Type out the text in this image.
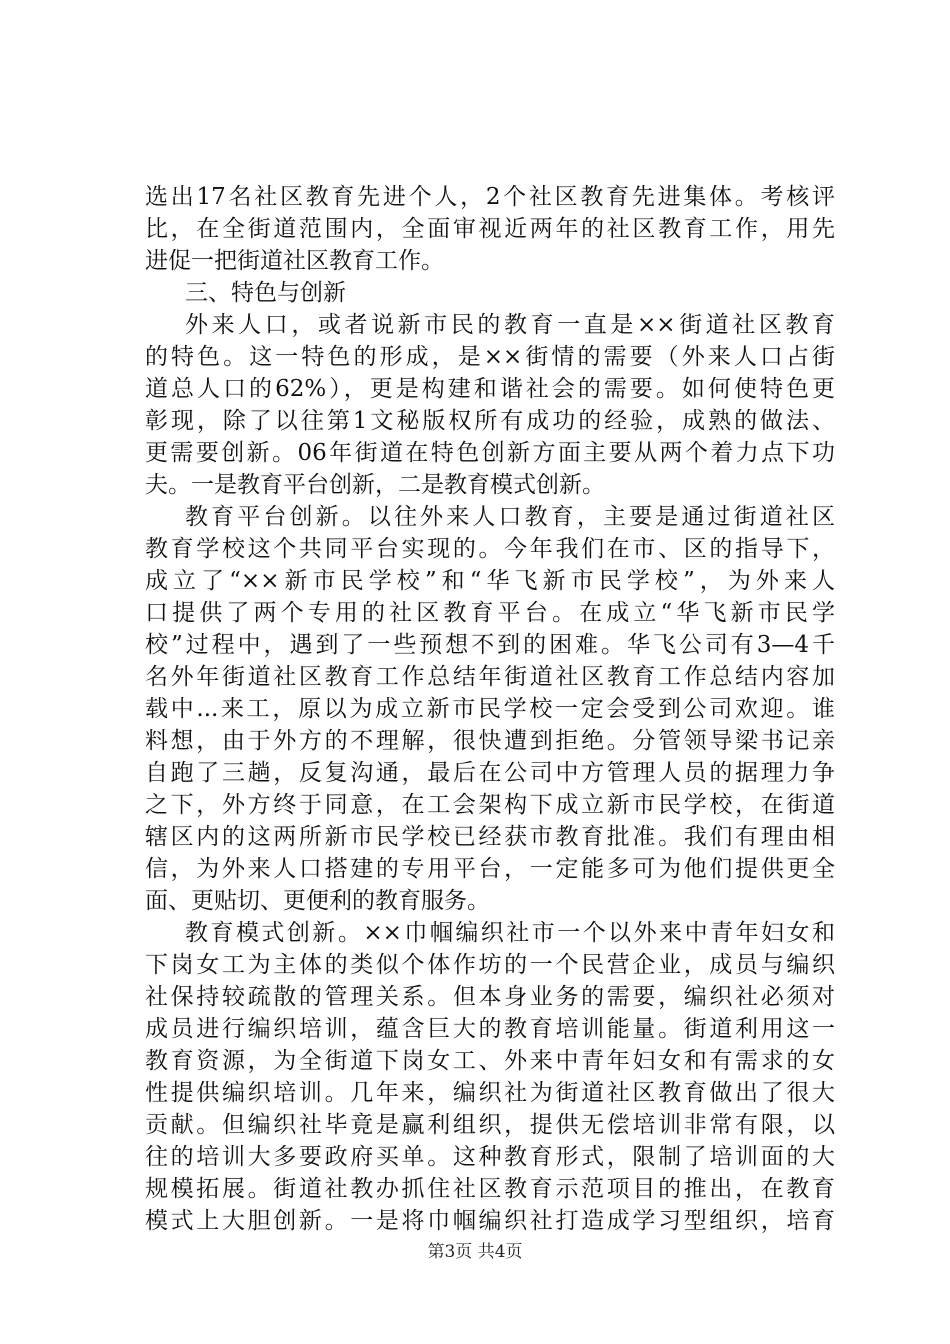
选出17名社区教育先进个人，2个社区教育先进集体。考核评
比，在全街道范围内，全面审视近两年的社区教育工作，用先
进促一把街道社区教育工作。
三、特色与创新
外来人口，或者说新市民的教育一直是××街道社区教育
的特色。这一特色的形成，是××街情的需要（外来人口占街
道总人口的62%），更是构建和谐社会的需要。如何使特色更
彰现，除了以往第1文秘版权所有成功的经验，成熟的做法、
更需要创新。06年街道在特色创新方面主要从两个着力点下功
夫。一是教育平台创新，二是教育模式创新。
教育平台创新。以往外来人口教育，主要是通过街道社区
教育学校这个共同平台实现的。今年我们在市、区的指导下，
成立了“××新市民学校”和“华飞新市民学校”，为外来人
口提供了两个专用的社区教育平台。在成立“华飞新市民学
校”过程中，遇到了一些预想不到的困难。华飞公司有3—4千
名外年街道社区教育工作总结年街道社区教育工作总结内容加
载中...来工，原以为成立新市民学校一定会受到公司欢迎。谁
料想，由于外方的不理解，很快遭到拒绝。分管领导梁书记亲
自跑了三趟，反复沟通，最后在公司中方管理人员的据理力争
之下，外方终于同意，在工会架构下成立新市民学校，在街道
辖区内的这两所新市民学校已经获市教育批准。我们有理由相
信，为外来人口搭建的专用平台，一定能多可为他们提供更全
面、更贴切、更便利的教育服务。
教育模式创新。××巾帼编织社市一个以外来中青年妇女和
下岗女工为主体的类似个体作坊的一个民营企业，成员与编织
社保持较疏散的管理关系。但本身业务的需要，编织社必须对
成员进行编织培训，蕴含巨大的教育培训能量。街道利用这一
教育资源，为全街道下岗女工、外来中青年妇女和有需求的女
性提供编织培训。几年来，编织社为街道社区教育做出了很大
贡献。但编织社毕竟是赢利组织，提供无偿培训非常有限，以
往的培训大多要政府买单。这种教育形式，限制了培训面的大
规模拓展。街道社教办抓住社区教育示范项目的推出，在教育
模式上大胆创新。一是将巾帼编织社打造成学习型组织，培育
第3页 共4页
